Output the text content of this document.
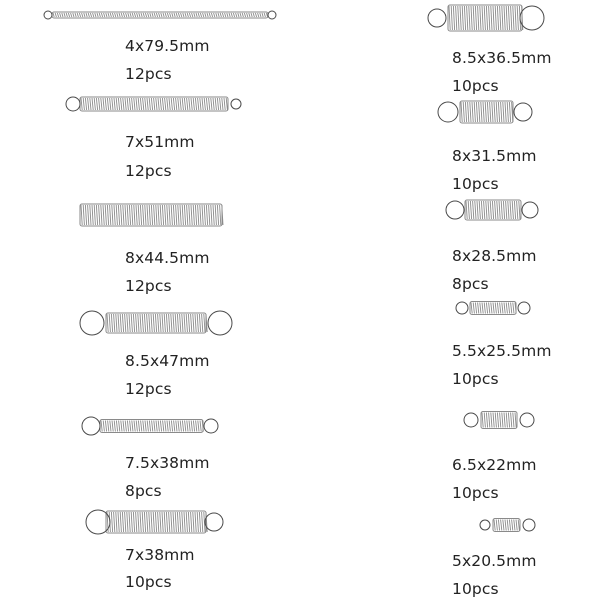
4x79.5mm
12pcs
7x51mm
12pcs
8x44.5mm
12pcs
8.5x47mm
12pcs
7.5x38mm
8pcs
7x38mm
10pcs
8.5x36.5mm
10pcs
8x31.5mm
10pcs
8x28.5mm
8pcs
5.5x25.5mm
10pcs
6.5x22mm
10pcs
5x20.5mm
10pcs
